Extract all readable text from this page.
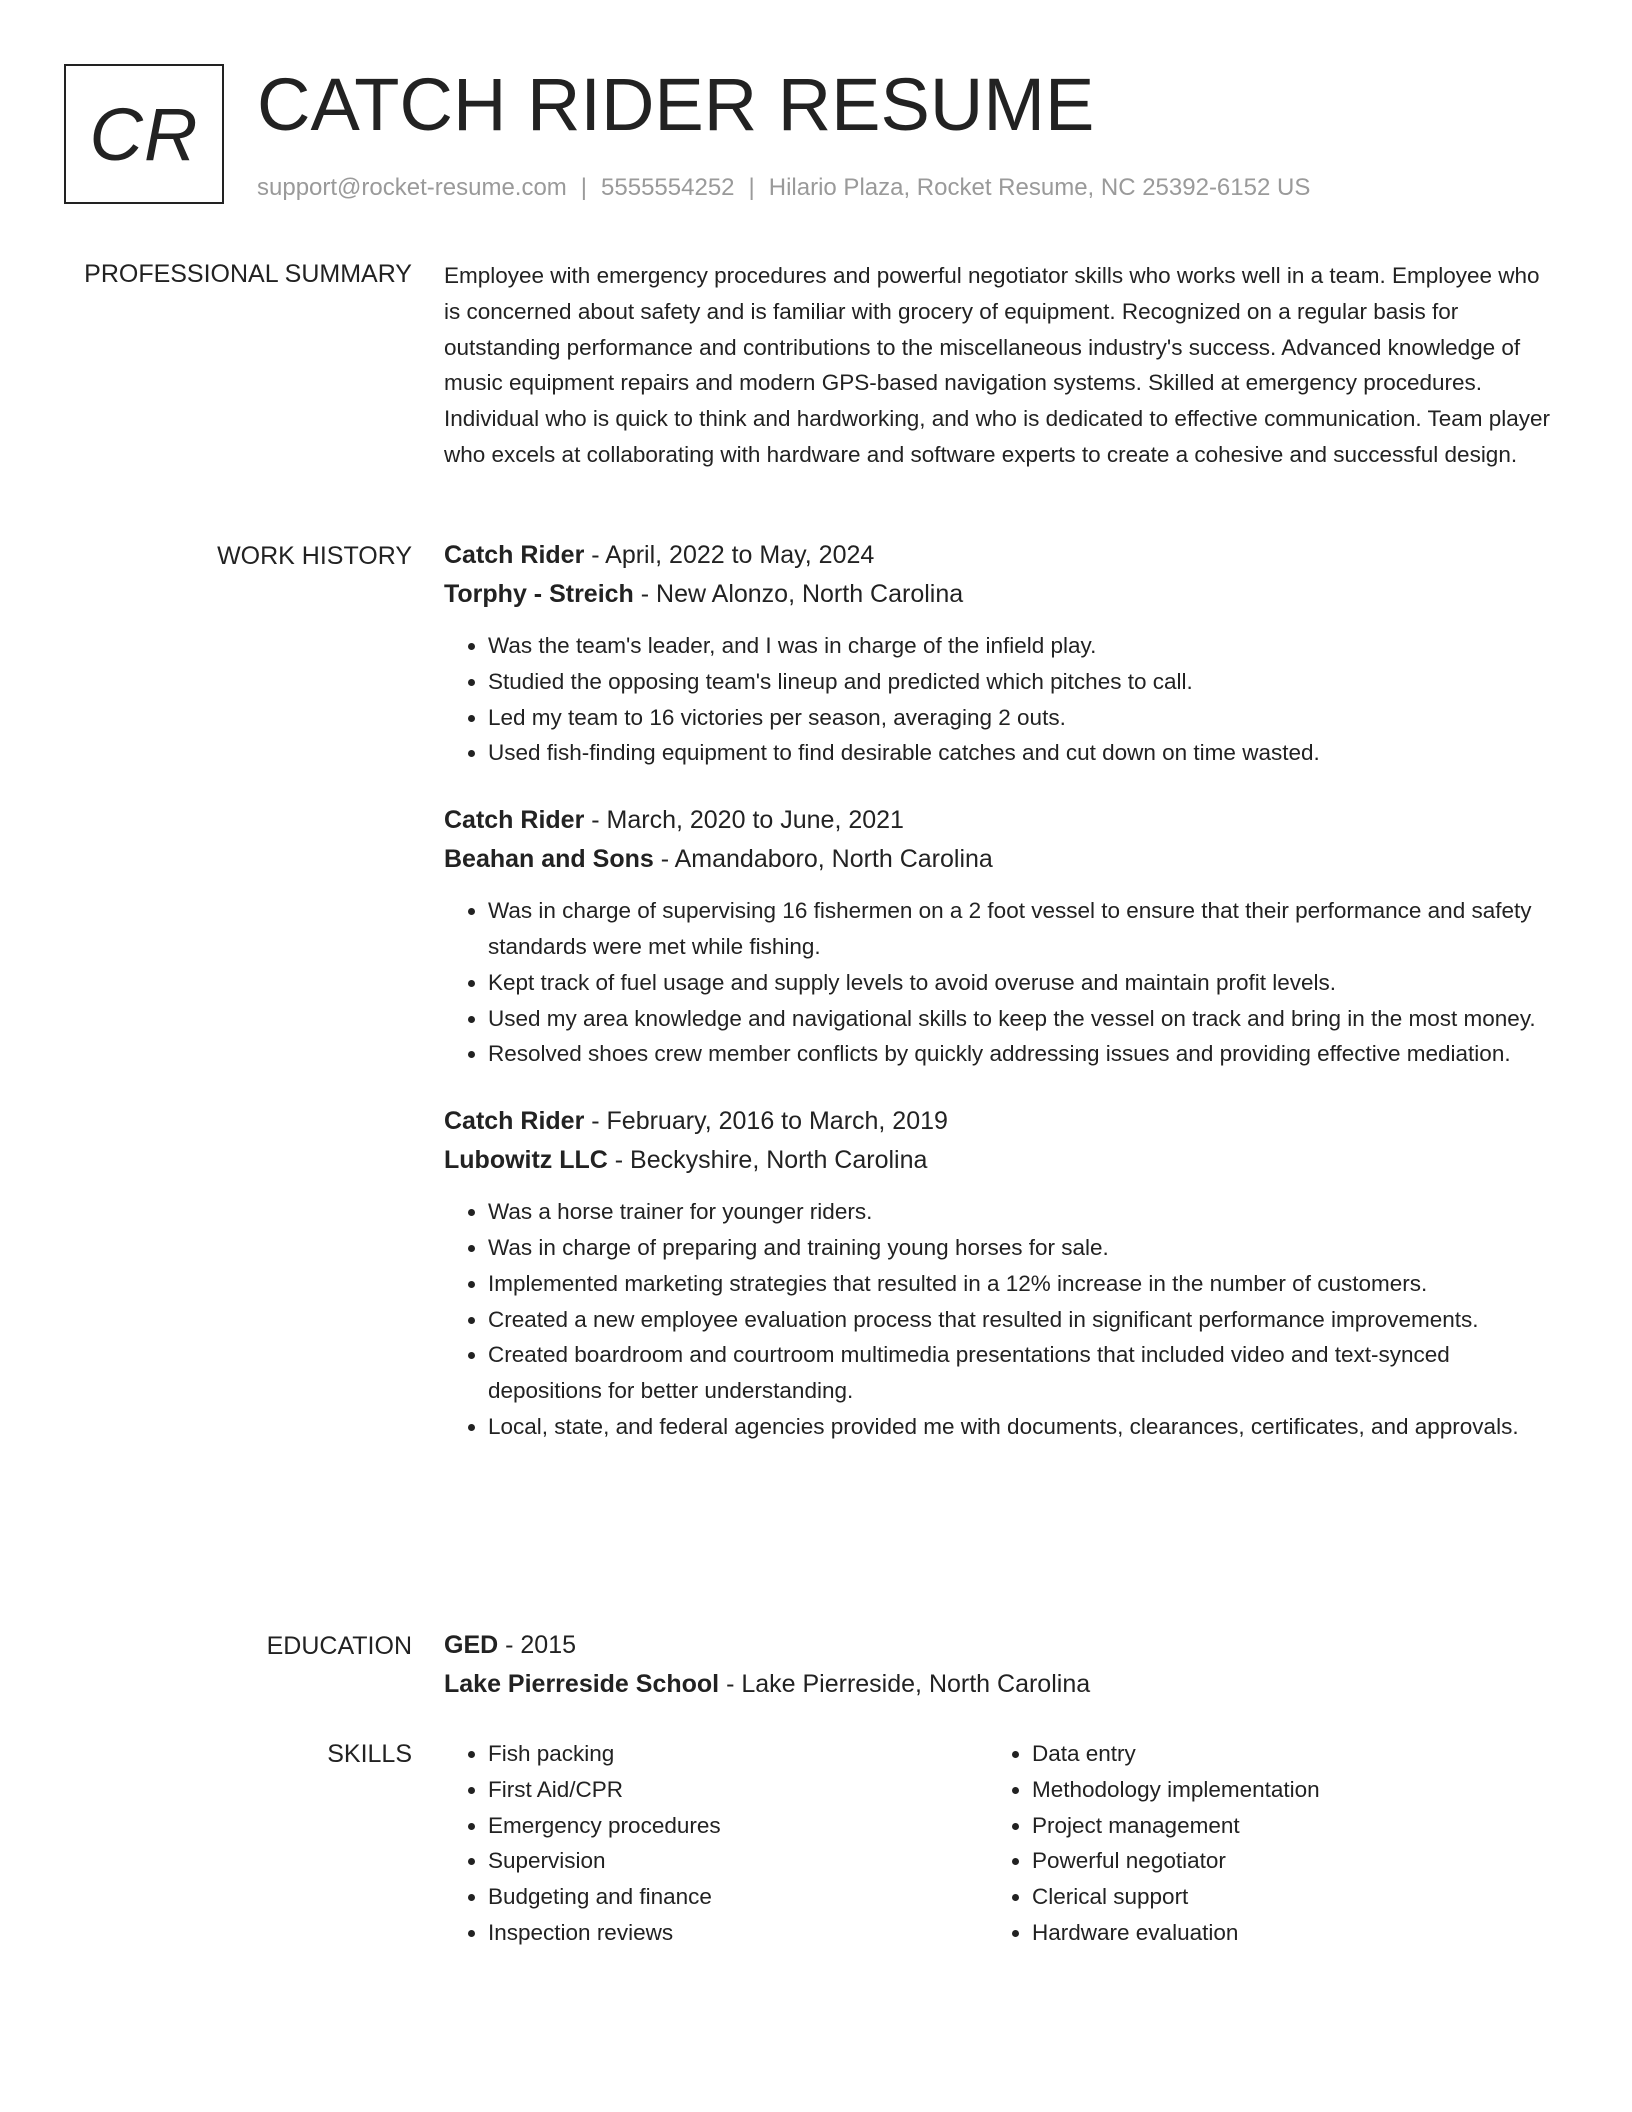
CR CATCH RIDER RESUME
support@rocket-resume.com | 5555554252 | Hilario Plaza, Rocket Resume, NC 25392-6152 US
PROFESSIONAL SUMMARY Employee with emergency procedures and powerful negotiator skills who works well in a team. Employee who is concerned about safety and is familiar with grocery of equipment. Recognized on a regular basis for outstanding performance and contributions to the miscellaneous industry's success. Advanced knowledge of music equipment repairs and modern GPS-based navigation systems. Skilled at emergency procedures. Individual who is quick to think and hardworking, and who is dedicated to effective communication. Team player who excels at collaborating with hardware and software experts to create a cohesive and successful design.

WORK HISTORY Catch Rider - April, 2022 to May, 2024
Torphy - Streich - New Alonzo, North Carolina
• Was the team's leader, and I was in charge of the infield play.
• Studied the opposing team's lineup and predicted which pitches to call.
• Led my team to 16 victories per season, averaging 2 outs.
• Used fish-finding equipment to find desirable catches and cut down on time wasted.
Catch Rider - March, 2020 to June, 2021
Beahan and Sons - Amandaboro, North Carolina
• Was in charge of supervising 16 fishermen on a 2 foot vessel to ensure that their performance and safety standards were met while fishing.
• Kept track of fuel usage and supply levels to avoid overuse and maintain profit levels.
• Used my area knowledge and navigational skills to keep the vessel on track and bring in the most money.
• Resolved shoes crew member conflicts by quickly addressing issues and providing effective mediation.
Catch Rider - February, 2016 to March, 2019
Lubowitz LLC - Beckyshire, North Carolina
• Was a horse trainer for younger riders.
• Was in charge of preparing and training young horses for sale.
• Implemented marketing strategies that resulted in a 12% increase in the number of customers.
• Created a new employee evaluation process that resulted in significant performance improvements.
• Created boardroom and courtroom multimedia presentations that included video and text-synced depositions for better understanding.
• Local, state, and federal agencies provided me with documents, clearances, certificates, and approvals.
EDUCATION GED - 2015
Lake Pierreside School - Lake Pierreside, North Carolina
SKILLS
•	Fish packing
• First Aid/CPR
• Emergency procedures
• Supervision
• Budgeting and finance
• Inspection reviews
• Data entry
• Methodology implementation
• Project management
• Powerful negotiator
• Clerical support
• Hardware evaluation
